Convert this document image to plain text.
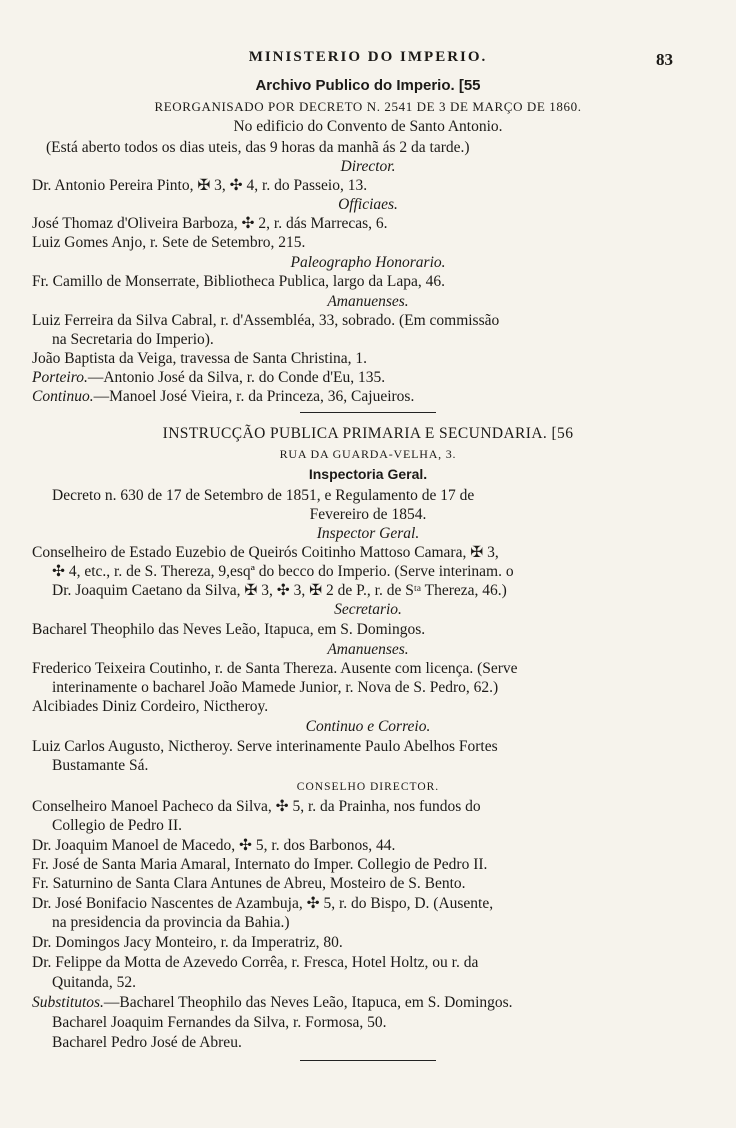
MINISTERIO DO IMPERIO.	83
Archivo Publico do Imperio. [55
REORGANISADO POR DECRETO N. 2541 DE 3 DE MARÇO DE 1860.
No edificio do Convento de Santo Antonio.
(Está aberto todos os dias uteis, das 9 horas da manhã ás 2 da tarde.)
Director.
Dr. Antonio Pereira Pinto, ✠ 3, ✣ 4, r. do Passeio, 13.
Officiaes.
José Thomaz d'Oliveira Barboza, ✣ 2, r. dás Marrecas, 6.
Luiz Gomes Anjo, r. Sete de Setembro, 215.
Paleographo Honorario.
Fr. Camillo de Monserrate, Bibliotheca Publica, largo da Lapa, 46.
Amanuenses.
Luiz Ferreira da Silva Cabral, r. d'Assembléa, 33, sobrado. (Em commissão
na Secretaria do Imperio).
João Baptista da Veiga, travessa de Santa Christina, 1.
Porteiro.—Antonio José da Silva, r. do Conde d'Eu, 135.
Continuo.—Manoel José Vieira, r. da Princeza, 36, Cajueiros.
INSTRUCÇÃO PUBLICA PRIMARIA E SECUNDARIA. [56
RUA DA GUARDA-VELHA, 3.
Inspectoria Geral.
Decreto n. 630 de 17 de Setembro de 1851, e Regulamento de 17 de
Fevereiro de 1854.
Inspector Geral.
Conselheiro de Estado Euzebio de Queirós Coitinho Mattoso Camara, ✠ 3,
✣ 4, etc., r. de S. Thereza, 9,esqª do becco do Imperio. (Serve interinam. o
Dr. Joaquim Caetano da Silva, ✠ 3, ✣ 3, ✠ 2 de P., r. de Sᵗᵃ Thereza, 46.)
Secretario.
Bacharel Theophilo das Neves Leão, Itapuca, em S. Domingos.
Amanuenses.
Frederico Teixeira Coutinho, r. de Santa Thereza. Ausente com licença. (Serve
interinamente o bacharel João Mamede Junior, r. Nova de S. Pedro, 62.)
Alcibiades Diniz Cordeiro, Nictheroy.
Continuo e Correio.
Luiz Carlos Augusto, Nictheroy. Serve interinamente Paulo Abelhos Fortes
Bustamante Sá.
CONSELHO DIRECTOR.
Conselheiro Manoel Pacheco da Silva, ✣ 5, r. da Prainha, nos fundos do
Collegio de Pedro II.
Dr. Joaquim Manoel de Macedo, ✣ 5, r. dos Barbonos, 44.
Fr. José de Santa Maria Amaral, Internato do Imper. Collegio de Pedro II.
Fr. Saturnino de Santa Clara Antunes de Abreu, Mosteiro de S. Bento.
Dr. José Bonifacio Nascentes de Azambuja, ✣ 5, r. do Bispo, D. (Ausente,
na presidencia da provincia da Bahia.)
Dr. Domingos Jacy Monteiro, r. da Imperatriz, 80.
Dr. Felippe da Motta de Azevedo Corrêa, r. Fresca, Hotel Holtz, ou r. da
Quitanda, 52.
Substitutos.—Bacharel Theophilo das Neves Leão, Itapuca, em S. Domingos.
Bacharel Joaquim Fernandes da Silva, r. Formosa, 50.
Bacharel Pedro José de Abreu.
